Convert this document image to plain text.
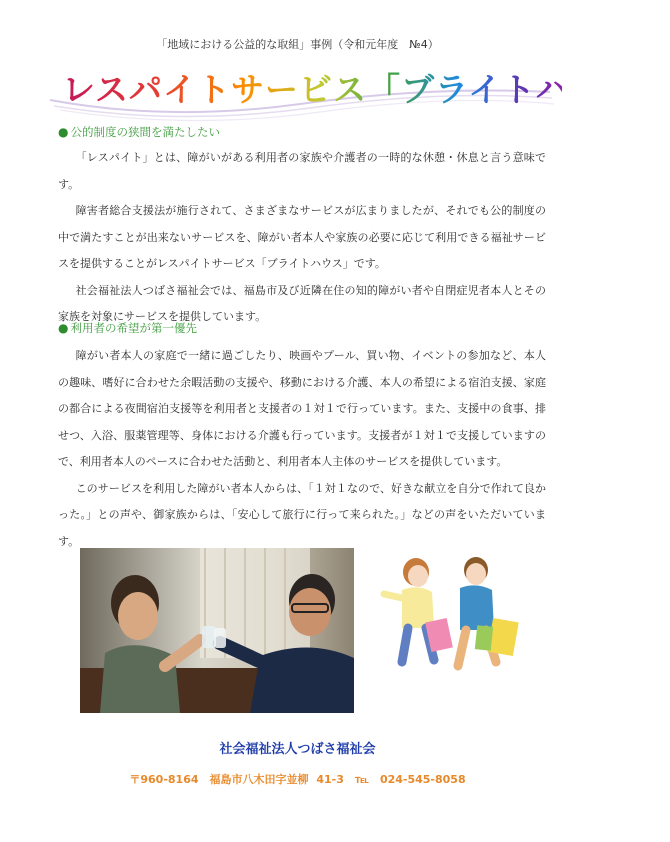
「地域における公益的な取組」事例（令和元年度　№4）
レスパイトサービス「ブライトハウス」
● 公的制度の狭間を満たしたい

「レスパイト」とは、障がいがある利用者の家族や介護者の一時的な休憩・休息と言う意味です。

障害者総合支援法が施行されて、さまざまなサービスが広まりましたが、それでも公的制度の中で満たすことが出来ないサービスを、障がい者本人や家族の必要に応じて利用できる福祉サービスを提供することがレスパイトサービス「ブライトハウス」です。

社会福祉法人つばさ福祉会では、福島市及び近隣在住の知的障がい者や自閉症児者本人とその家族を対象にサービスを提供しています。

● 利用者の希望が第一優先

障がい者本人の家庭で一緒に過ごしたり、映画やプール、買い物、イベントの参加など、本人の趣味、嗜好に合わせた余暇活動の支援や、移動における介護、本人の希望による宿泊支援、家庭の都合による夜間宿泊支援等を利用者と支援者の１対１で行っています。また、支援中の食事、排せつ、入浴、服薬管理等、身体における介護も行っています。支援者が１対１で支援していますので、利用者本人のペースに合わせた活動と、利用者本人主体のサービスを提供しています。

このサービスを利用した障がい者本人からは、「１対１なので、好きな献立を自分で作れて良かった。」との声や、御家族からは、「安心して旅行に行って来られた。」などの声をいただいています。

社会福祉法人つばさ福祉会
〒960-8164　福島市八木田字並柳 41-3　℡　024-545-8058
